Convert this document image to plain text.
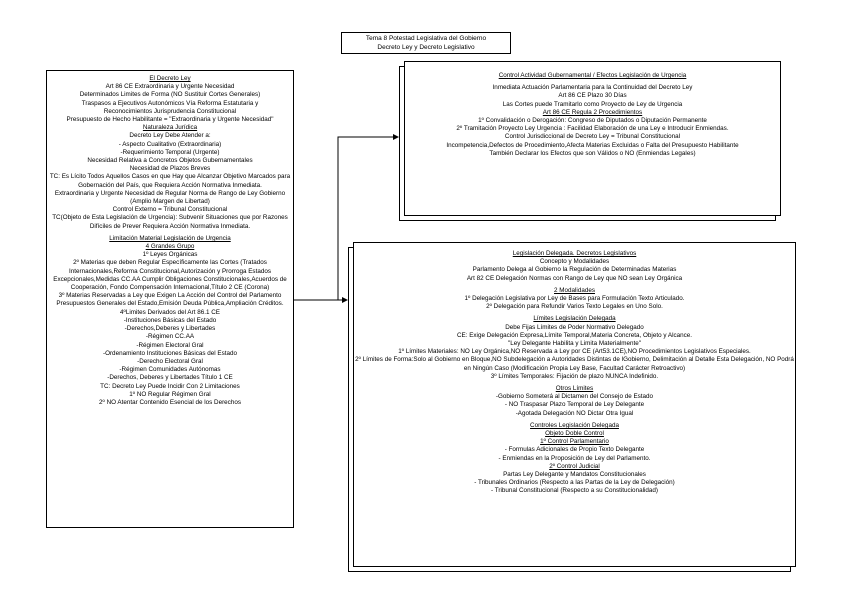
Tema 8 Potestad Legislativa del Gobierno
Decreto Ley y Decreto Legislativo
El Decreto Ley
Art 86 CE Extraordinaria y Urgente Necesidad
Determinados Limites de Forma (NO Sustituir Cortes Generales)
Traspasos a Ejecutivos Autonómicos Vía Reforma Estatutaria y
Reconocimientos Jurisprudencia Constitucional
Presupuesto de Hecho Habilitante = "Extraordinaria y Urgente Necesidad"
Naturaleza Jurídica
Decreto Ley Debe Atender a:
- Aspecto Cualitativo (Extraordinaria)
-Requerimiento Temporal (Urgente)
Necesidad Relativa a Concretos Objetos Gubernamentales
Necesidad de Plazos Breves
TC: Es Lícito Todos Aquellos Casos en que Hay que Alcanzar Objetivo Marcados para Gobernación del País, que Requiera Acción Normativa Inmediata.
Extraordinaria y Urgente Necesidad de Regular Norma de Rango de Ley Gobierno (Amplio Margen de Libertad)
Control Externo = Tribunal Constitucional
TC(Objeto de Esta Legislación de Urgencia): Subvenir Situaciones que por Razones Difíciles de Prever Requiera Acción Normativa Inmediata.
Limitación Material Legislación de Urgencia
4 Grandes Grupo
1º Leyes Orgánicas
2º Materias que deben Regular Específicamente las Cortes (Tratados Internacionales,Reforma Constitucional,Autorización y Prorroga Estados Excepcionales,Medidas CC.AA Cumplir Obligaciones Constitucionales,Acuerdos de Cooperación, Fondo Compensación Internacional,Título 2 CE (Corona)
3º Materias Reservadas a Ley que Exigen La Acción del Control del Parlamento
Presupuestos Generales del Estado,Emisión Deuda Pública,Ampliación Créditos.
4ºLimites Derivados del Art 86.1 CE
-Instituciones Básicas del Estado
-Derechos,Deberes y Libertades
-Régimen CC.AA
-Régimen Electoral Gral
-Ordenamiento Instituciones Básicas del Estado
-Derecho Electoral Gral
-Régimen Comunidades Autónomas
-Derechos, Deberes y Libertades Título 1 CE
TC: Decreto Ley Puede Incidir Con 2 Limitaciones
1º NO Regular Régimen Gral
2º NO Atentar Contenido Esencial de los Derechos
Control Actividad Gubernamental / Efectos Legislación de Urgencia
Inmediata Actuación Parlamentaria para la Continuidad del Decreto Ley
Art 86 CE Plazo 30 Días
Las Cortes puede Tramitarlo como Proyecto de Ley de Urgencia
Art 86 CE Regula 2 Procedimientos
1º Convalidación o Derogación: Congreso de Diputados o Diputación Permanente
2º Tramitación Proyecto Ley Urgencia : Facilidad Elaboración de una Ley e Introducir Enmiendas.
Control Jurisdiccional de Decreto Ley = Tribunal Constitucional
Incompetencia,Defectos de Procedimiento,Afecta Materias Excluidas o Falta del Presupuesto Habilitante
También Declarar los Efectos que son Válidos o NO (Enmiendas Legales)
Legislación Delegada. Decretos Legislativos
Concepto y Modalidades
Parlamento Delega al Gobierno la Regulación de Determinadas Materias
Art 82 CE Delegación Normas con Rango de Ley que NO sean Ley Orgánica
2 Modalidades
1º Delegación Legislativa por Ley de Bases para Formulación Texto Articulado.
2º Delegación para Refundir Varios Texto Legales en Uno Solo.
Límites Legislación Delegada
Debe Fijas Límites de Poder Normativo Delegado
CE: Exige Delegación Expresa,Límite Temporal,Materia Concreta, Objeto y Alcance.
"Ley Delegante Habilita y Limita Materialmente"
1º Límites Materiales: NO Ley Orgánica,NO Reservada a Ley por CE (Art53.1CE),NO Procedimientos Legislativos Especiales.
2º Límites de Forma:Solo al Gobierno en Bloque,NO Subdelegación a Autoridades Distintas de lGobierno, Delimitación al Detalle Esta Delegación, NO Podrá en Ningún Caso (Modificación Propia Ley Base, Facultad Carácter Retroactivo)
3º Límites Temporales: Fijación de plazo NUNCA Indefinido.
Otros Límites
-Gobierno Someterá al Dictamen del Consejo de Estado
- NO Traspasar Plazo Temporal de Ley Delegante
-Agotada Delegación NO Dictar Otra Igual
Controles Legislación Delegada
Objeto Doble Control
1º Control Parlamentario
- Formulas Adicionales de Propio Texto Delegante
- Enmiendas en la Proposición de Ley del Parlamento.
2º Control Judicial
Partas Ley Delegante y Mandatos Constitucionales
- Tribunales Ordinarios (Respecto a las Partas de la Ley de Delegación)
- Tribunal Constitucional (Respecto a su Constitucionalidad)
